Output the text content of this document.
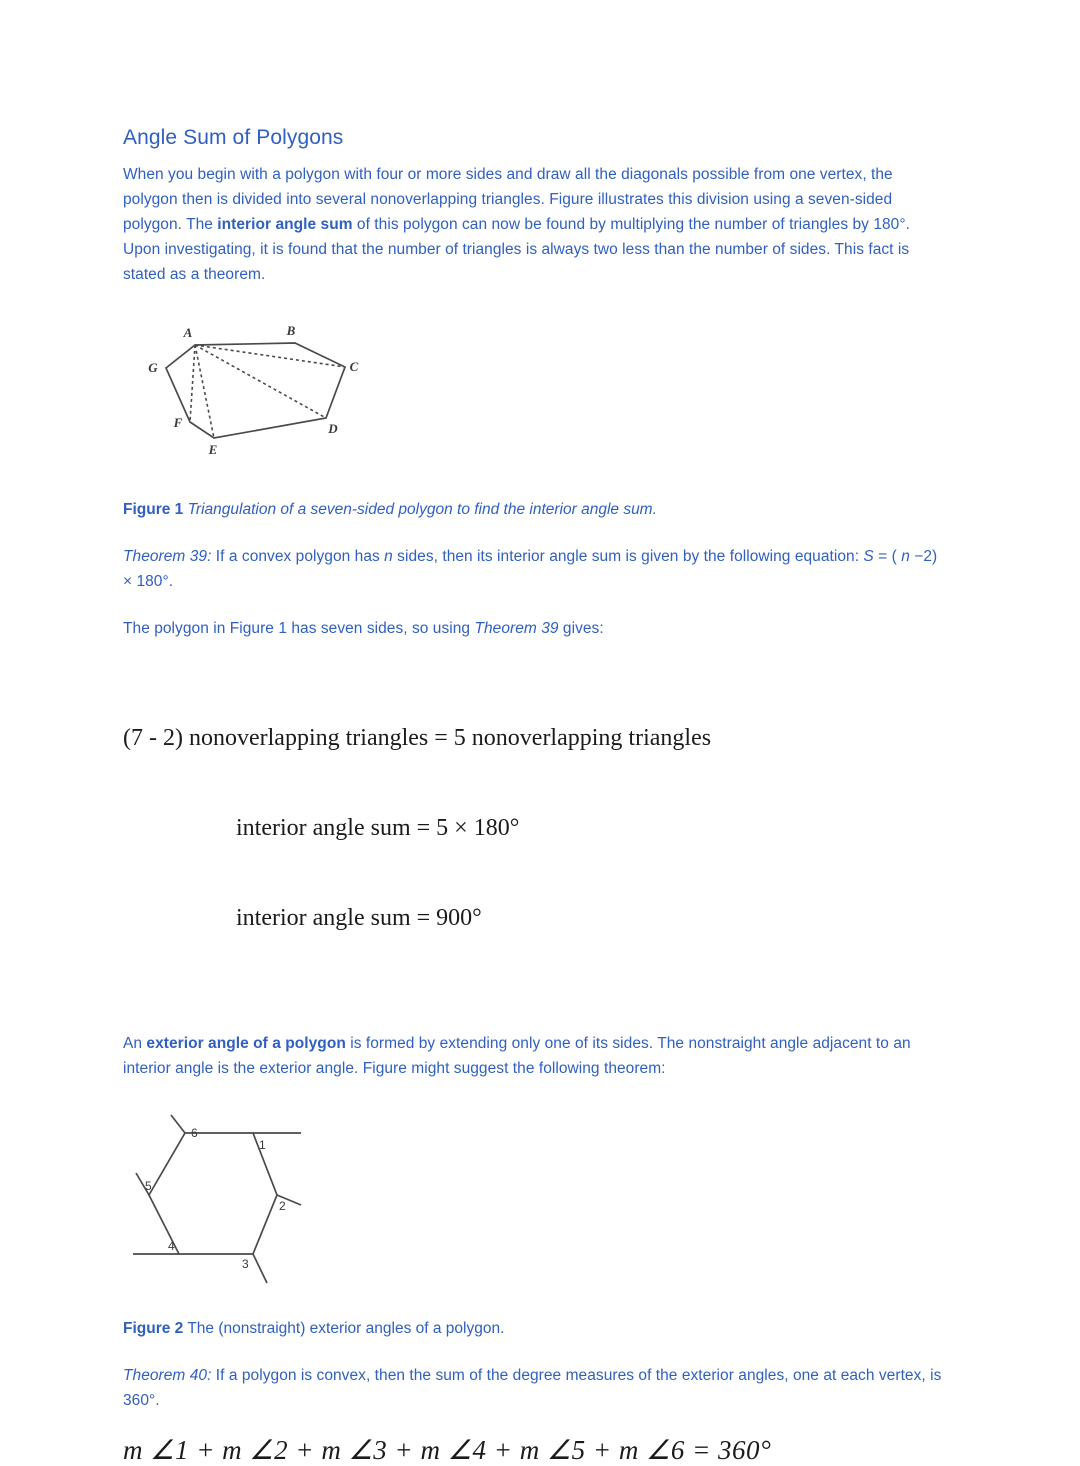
Angle Sum of Polygons

When you begin with a polygon with four or more sides and draw all the diagonals possible from one vertex, the polygon then is divided into several nonoverlapping triangles. Figure illustrates this division using a seven-sided polygon. The interior angle sum of this polygon can now be found by multiplying the number of triangles by 180°. Upon investigating, it is found that the number of triangles is always two less than the number of sides. This fact is stated as a theorem.

A	B
C
D
E
F
G

Figure 1 Triangulation of a seven-sided polygon to find the interior angle sum.

Theorem 39: If a convex polygon has n sides, then its interior angle sum is given by the following equation: S = ( n −2) × 180°.

The polygon in Figure 1 has seven sides, so using Theorem 39 gives:

(7 - 2) nonoverlapping triangles = 5 nonoverlapping triangles

interior angle sum = 5 × 180°

interior angle sum = 900°

An exterior angle of a polygon is formed by extending only one of its sides. The nonstraight angle adjacent to an interior angle is the exterior angle. Figure might suggest the following theorem:

6
1
2
3
4
5

Figure 2 The (nonstraight) exterior angles of a polygon.

Theorem 40: If a polygon is convex, then the sum of the degree measures of the exterior angles, one at each vertex, is 360°.

m ∠1 + m ∠2 + m ∠3 + m ∠4 + m ∠5 + m ∠6 = 360°
